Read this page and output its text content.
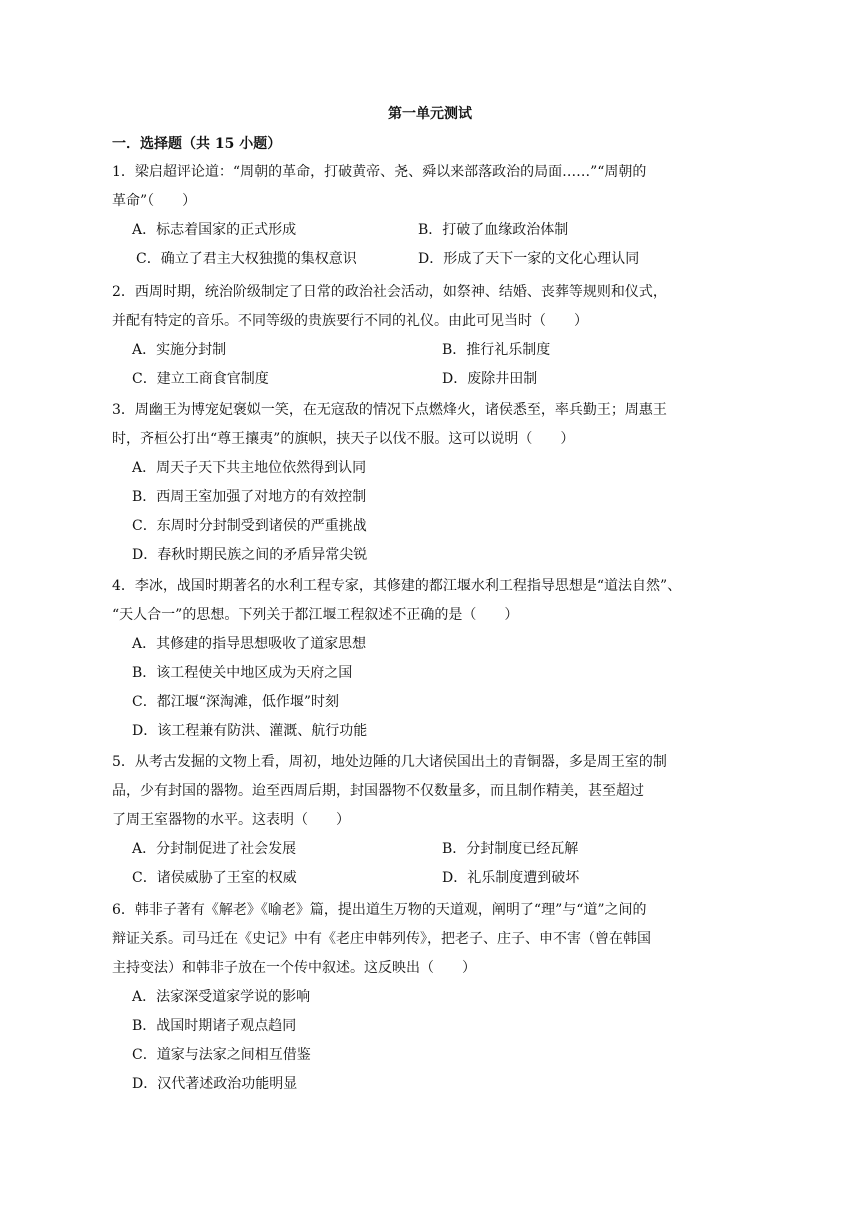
第一单元测试
一．选择题（共 15 小题）
1．梁启超评论道：“周朝的革命，打破黄帝、尧、舜以来部落政治的局面……”“周朝的
革命”（　　）
A．标志着国家的正式形成	B．打破了血缘政治体制
C．确立了君主大权独揽的集权意识	D．形成了天下一家的文化心理认同
2．西周时期，统治阶级制定了日常的政治社会活动，如祭神、结婚、丧葬等规则和仪式，
并配有特定的音乐。不同等级的贵族要行不同的礼仪。由此可见当时（　　）
A．实施分封制	B．推行礼乐制度
C．建立工商食官制度	D．废除井田制
3．周幽王为博宠妃褒姒一笑，在无寇敌的情况下点燃烽火，诸侯悉至，率兵勤王；周惠王
时，齐桓公打出“尊王攘夷”的旗帜，挟天子以伐不服。这可以说明（　　）
A．周天子天下共主地位依然得到认同
B．西周王室加强了对地方的有效控制
C．东周时分封制受到诸侯的严重挑战
D．春秋时期民族之间的矛盾异常尖锐
4．李冰，战国时期著名的水利工程专家，其修建的都江堰水利工程指导思想是“道法自然”、
“天人合一”的思想。下列关于都江堰工程叙述不正确的是（　　）
A．其修建的指导思想吸收了道家思想
B．该工程使关中地区成为天府之国
C．都江堰“深淘滩，低作堰”时刻
D．该工程兼有防洪、灌溉、航行功能
5．从考古发掘的文物上看，周初，地处边陲的几大诸侯国出土的青铜器，多是周王室的制
品，少有封国的器物。迨至西周后期，封国器物不仅数量多，而且制作精美，甚至超过
了周王室器物的水平。这表明（　　）
A．分封制促进了社会发展	B．分封制度已经瓦解
C．诸侯威胁了王室的权威	D．礼乐制度遭到破坏
6．韩非子著有《解老》《喻老》篇，提出道生万物的天道观，阐明了“理”与“道”之间的
辩证关系。司马迁在《史记》中有《老庄申韩列传》，把老子、庄子、申不害（曾在韩国
主持变法）和韩非子放在一个传中叙述。这反映出（　　）
A．法家深受道家学说的影响
B．战国时期诸子观点趋同
C．道家与法家之间相互借鉴
D．汉代著述政治功能明显
